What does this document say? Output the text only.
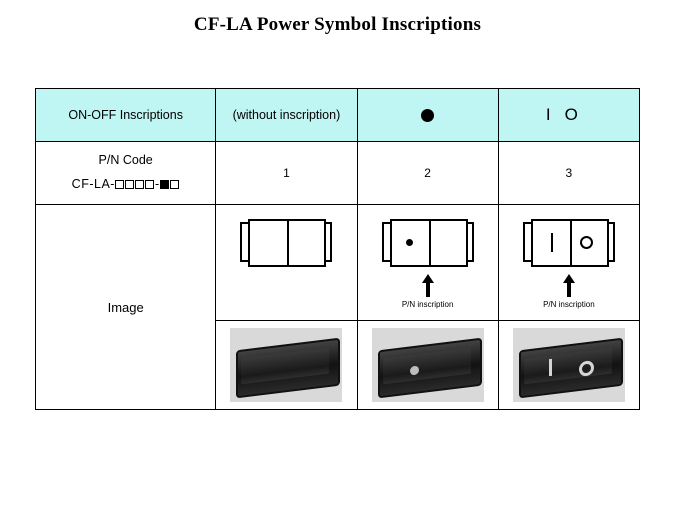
CF-LA Power Symbol Inscriptions
ON-OFF Inscriptions	(without inscription)		IO

P/N Code
CF-LA- -	1	2	3
Image		P/N inscription	P/N inscription
